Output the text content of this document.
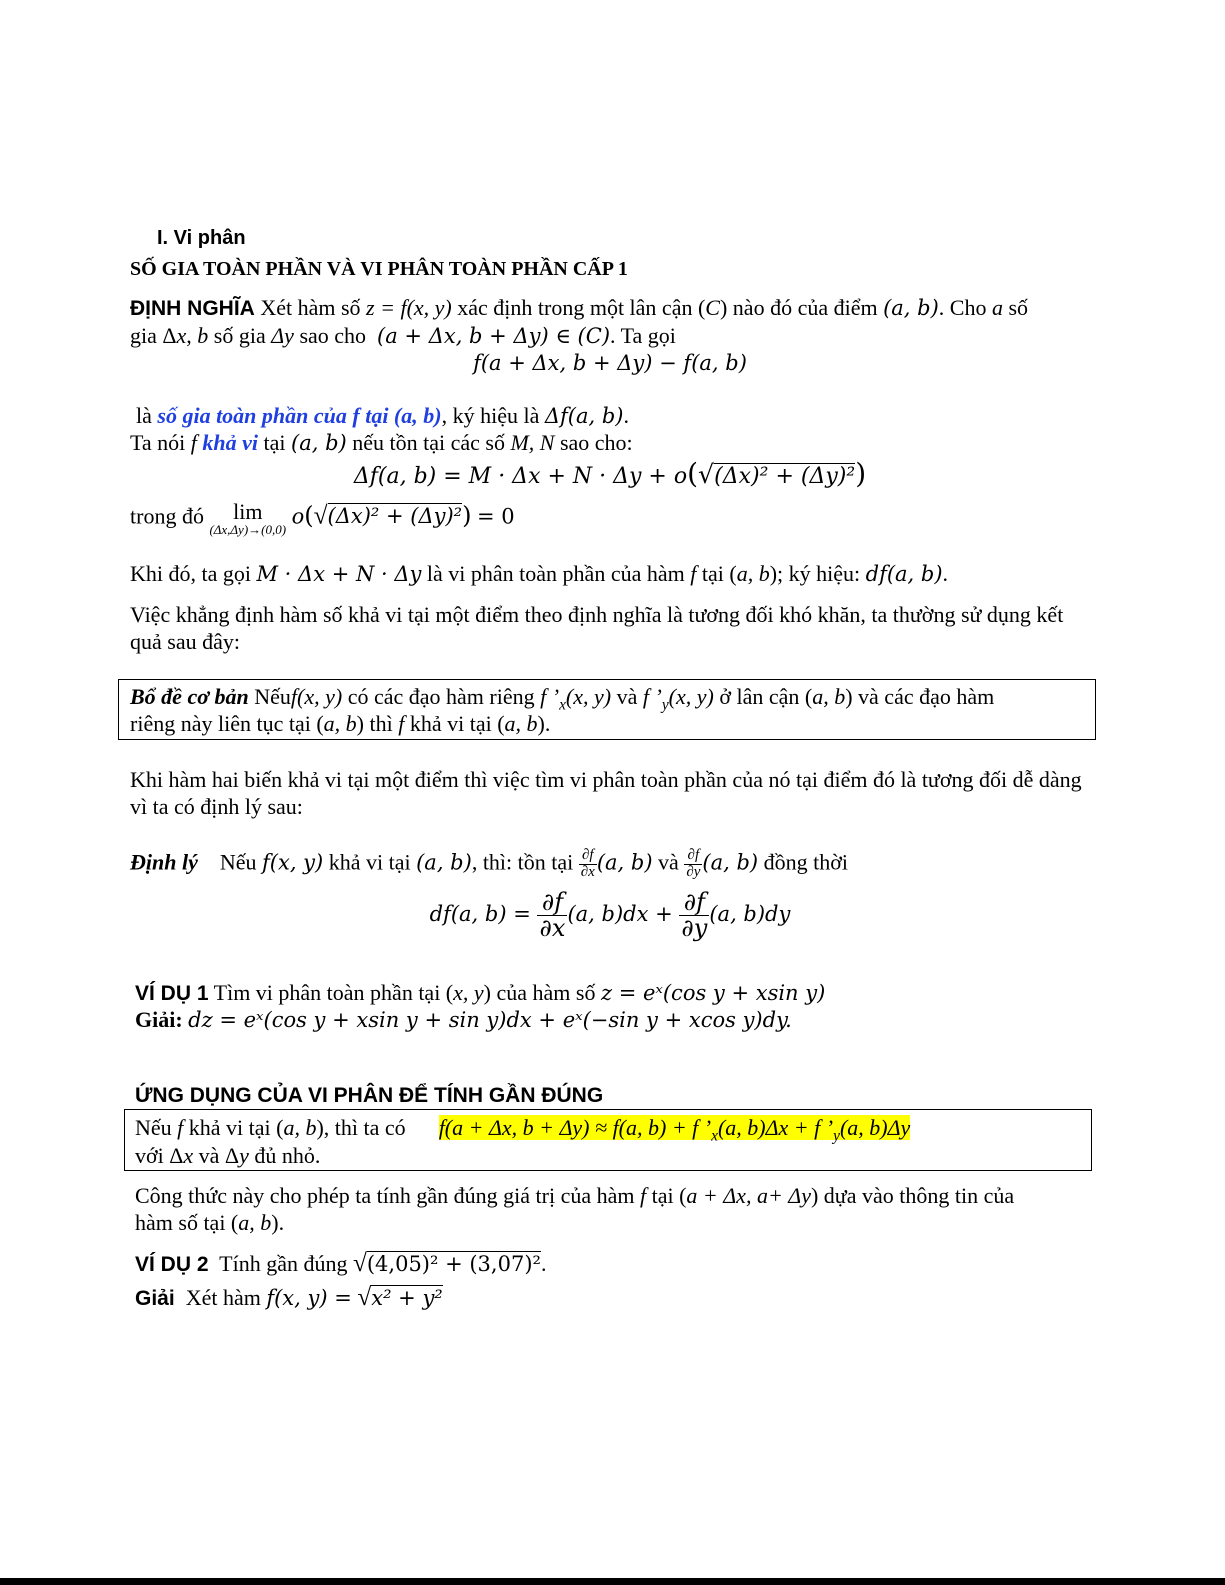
I. Vi phân
SỐ GIA TOÀN PHẦN VÀ VI PHÂN TOÀN PHẦN CẤP 1
ĐỊNH NGHĨA Xét hàm số z = f(x, y) xác định trong một lân cận (C) nào đó của điểm (a, b). Cho a số
gia Δx, b số gia Δy sao cho (a + Δx, b + Δy) ∈ (C). Ta gọi
f(a + Δx, b + Δy) − f(a, b)
là số gia toàn phần của f tại (a, b), ký hiệu là Δf(a, b).
Ta nói f khả vi tại (a, b) nếu tồn tại các số M, N sao cho:
Δf(a, b) = M · Δx + N · Δy + o(√(Δx)² + (Δy)²)
trong đó	lim
(Δx,Δy)→(0,0)
o(√(Δx)² + (Δy)²) = 0
Khi đó, ta gọi M · Δx + N · Δy là vi phân toàn phần của hàm f tại (a, b); ký hiệu: df(a, b).
Việc khẳng định hàm số khả vi tại một điểm theo định nghĩa là tương đối khó khăn, ta thường sử dụng kết quả sau đây:
Bổ đề cơ bản Nếuf(x, y) có các đạo hàm riêng f $’_x(x$, y) và f $’_y(x$, y) ở lân cận (a, b) và các đạo hàm
riêng này liên tục tại (a, b) thì f khả vi tại (a, b).
Khi hàm hai biến khả vi tại một điểm thì việc tìm vi phân toàn phần của nó tại điểm đó là tương đối dễ dàng vì ta có định lý sau:
Định lý Nếu f(x, y) khả vi tại (a, b), thì: tồn tại $\frac{\partial f}{\partial x} (a$, b) và $\frac{\partial f}{\partial y} (a$, b) đồng thời
df(a, $b) = \frac{\partial f}{\partial x} (a$, $b)dx + \frac{\partial f}{\partial y} (a$, b)dy
VÍ DỤ 1 Tìm vi phân toàn phần tại (x, y) của hàm số z = eˣ(cos y + xsin y)
Giải: dz = eˣ(cos y + xsin y + sin y)dx + eˣ(−sin y + xcos y)dy.
ỨNG DỤNG CỦA VI PHÂN ĐỂ TÍNH GẦN ĐÚNG
Nếu f khả vi tại (a, b), thì ta có f(a + Δx, b + Δy) ≈ f(a, b) + f $’_x(a$, b)Δx + f $’_y(a$, b)Δy
với Δx và Δy đủ nhỏ.
Công thức này cho phép ta tính gần đúng giá trị của hàm f tại (a + Δx, a+ Δy) dựa vào thông tin của
hàm số tại (a, b).
VÍ DỤ 2 Tính gần đúng √(4,05)² + (3,07)².
Giải Xét hàm f(x, y) = √x² + y²
